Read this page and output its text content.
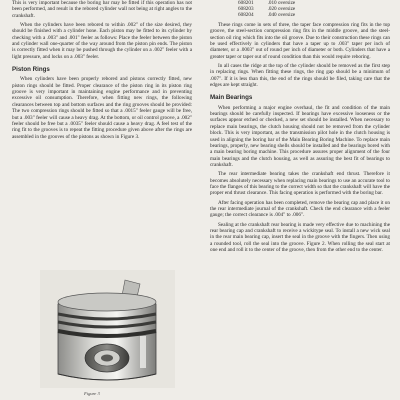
This is very important because the boring bar may be fitted if this operation has not been performed, and result in the rebored cylinder wall not being at right angles to the crankshaft.

When the cylinders have been rebored to within .002" of the size desired, they should be finished with a cylinder hone. Each piston may be fitted to its cylinder by checking with a .003" and .001" feeler as follows: Place the feeler between the piston and cylinder wall one-quarter of the way around from the piston pin ends. The piston is correctly fitted when it may be pushed through the cylinder on a .002" feeler with a light pressure, and locks on a .003" feeler.

Piston Rings

When cylinders have been properly rebored and pistons correctly fitted, new piston rings should be fitted. Proper clearance of the piston ring in its piston ring groove is very important in maintaining engine performance and in preventing excessive oil consumption. Therefore, when fitting new rings, the following clearances between top and bottom surfaces and the ring grooves should be provided: The two compression rings should be fitted so that a .0015" feeler gauge will be free, but a .003" feeler will cause a heavy drag. At the bottom, or oil control groove, a .002" feeler should be free but a .0035" feeler should cause a heavy drag. A feel test of the ring fit to the grooves is to repeat the fitting procedure given above after the rings are assembled in the grooves of the pistons as shown in Figure 3.

Figure 3
608201	.010 oversize
608203	.020 oversize
608204	.040 oversize

These rings come in sets of three, the taper face compression ring fits in the top groove, the steel-section compression ring fits in the middle groove, and the steel-section oil ring which fits into the oil groove. Due to their construction these rings can be used effectively in cylinders that have a taper up to .003" taper per inch of diameter, or a .0003" out of round per inch of diameter or both. Cylinders that have a greater taper or taper out of round condition than this would require reboring.

In all cases the ridge at the top of the cylinder should be removed as the first step in replacing rings. When fitting these rings, the ring gap should be a minimum of .007". If it is less than this, the end of the rings should be filed, taking care that the edges are kept straight.

Main Bearings

When performing a major engine overhaul, the fit and condition of the main bearings should be carefully inspected. If bearings have excessive looseness or the surfaces appear etched or checked, a new set should be installed. When necessary to replace main bearings, the clutch housing should not be removed from the cylinder block. This is very important, as the transmission pilot hole in the clutch housing is used in aligning the boring bar of the Main Bearing Boring Machine. To replace main bearings, properly, new bearing shells should be installed and the bearings bored with a main bearing boring machine. This procedure assures proper alignment of the four main bearings and the clutch housing, as well as assuring the best fit of bearings to crankshaft.

The rear intermediate bearing takes the crankshaft end thrust. Therefore it becomes absolutely necessary when replacing main bearings to use an accurate tool to face the flanges of this bearing to the correct width so that the crankshaft will have the proper end thrust clearance. This facing operation is performed with the boring bar.

After facing operation has been completed, remove the bearing cap and place it on the rear intermediate journal of the crankshaft. Check the end clearance with a feeler gauge; the correct clearance is .004" to .006".

Sealing at the crankshaft rear bearing is made very effective due to machining the rear bearing cap and crankshaft to receive a wickitype seal. To install a new wick seal in the rear main bearing cap, insert the seal in the groove with the fingers. Then using a rounded tool, roll the seal into the groove. Figure 2. When rolling the seal start at one end and roll it to the center of the groove, then from the other end to the center.
